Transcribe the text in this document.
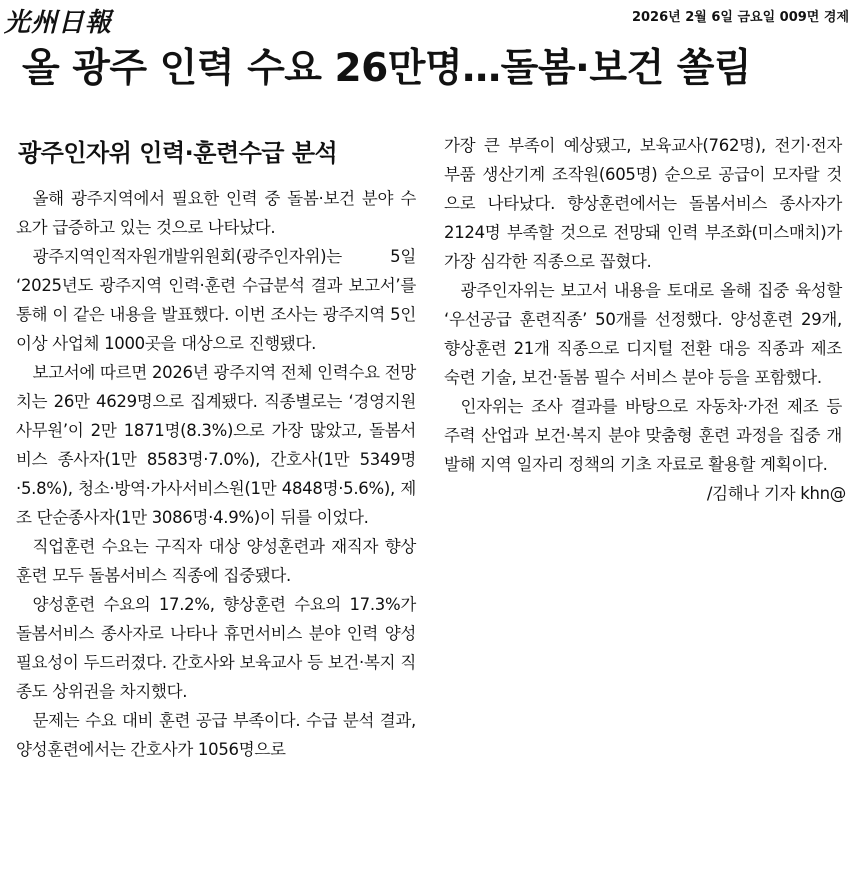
光州日報	2026년 2월 6일 금요일 009면 경제
올 광주 인력 수요 26만명…돌봄·보건 쏠림
광주인자위 인력·훈련수급 분석

올해 광주지역에서 필요한 인력 중 돌봄·보건 분야 수요가 급증하고 있는 것으로 나타났다.

광주지역인적자원개발위원회(광주인자위)는 5일 ‘2025년도 광주지역 인력·훈련 수급분석 결과 보고서’를 통해 이 같은 내용을 발표했다. 이번 조사는 광주지역 5인 이상 사업체 1000곳을 대상으로 진행됐다.

보고서에 따르면 2026년 광주지역 전체 인력수요 전망치는 26만 4629명으로 집계됐다. 직종별로는 ‘경영지원 사무원’이 2만 1871명(8.3%)으로 가장 많았고, 돌봄서비스 종사자(1만 8583명·7.0%), 간호사(1만 5349명·5.8%), 청소·방역·가사서비스원(1만 4848명·5.6%), 제조 단순종사자(1만 3086명·4.9%)이 뒤를 이었다.

직업훈련 수요는 구직자 대상 양성훈련과 재직자 향상훈련 모두 돌봄서비스 직종에 집중됐다.

양성훈련 수요의 17.2%, 향상훈련 수요의 17.3%가 돌봄서비스 종사자로 나타나 휴먼서비스 분야 인력 양성 필요성이 두드러졌다. 간호사와 보육교사 등 보건·복지 직종도 상위권을 차지했다.

문제는 수요 대비 훈련 공급 부족이다. 수급 분석 결과, 양성훈련에서는 간호사가 1056명으로

가장 큰 부족이 예상됐고, 보육교사(762명), 전기·전자 부품 생산기계 조작원(605명) 순으로 공급이 모자랄 것으로 나타났다. 향상훈련에서는 돌봄서비스 종사자가 2124명 부족할 것으로 전망돼 인력 부조화(미스매치)가 가장 심각한 직종으로 꼽혔다.

광주인자위는 보고서 내용을 토대로 올해 집중 육성할 ‘우선공급 훈련직종’ 50개를 선정했다. 양성훈련 29개, 향상훈련 21개 직종으로 디지털 전환 대응 직종과 제조 숙련 기술, 보건·돌봄 필수 서비스 분야 등을 포함했다.

인자위는 조사 결과를 바탕으로 자동차·가전 제조 등 주력 산업과 보건·복지 분야 맞춤형 훈련 과정을 집중 개발해 지역 일자리 정책의 기초 자료로 활용할 계획이다.

/김해나 기자 khn@
